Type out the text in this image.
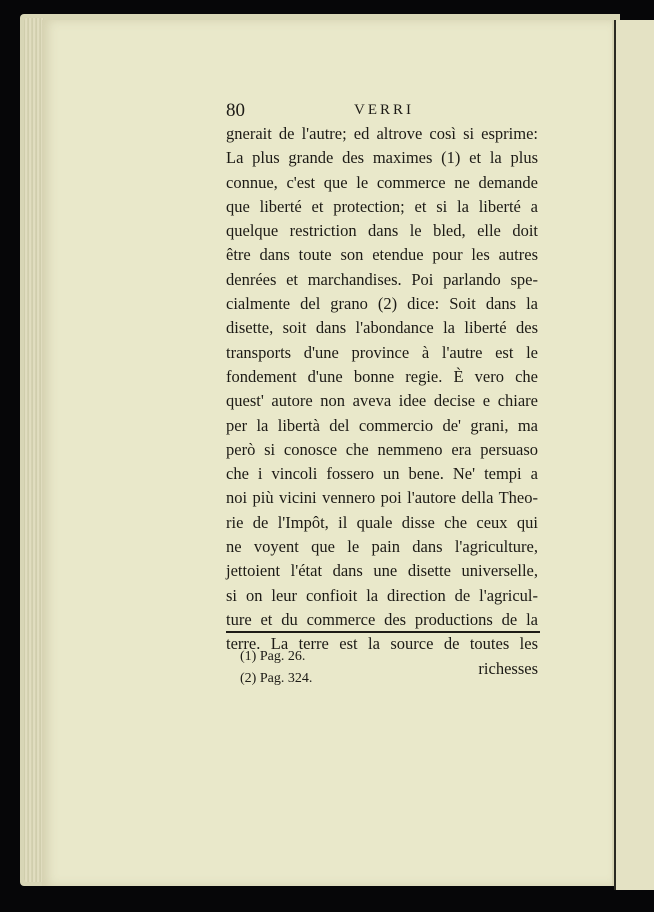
80	VERRI
gnerait de l'autre; ed altrove così si esprime:
La plus grande des maximes (1) et la plus
connue, c'est que le commerce ne demande
que liberté et protection; et si la liberté a
quelque restriction dans le bled, elle doit
être dans toute son etendue pour les autres
denrées et marchandises. Poi parlando spe-
cialmente del grano (2) dice: Soit dans la
disette, soit dans l'abondance la liberté des
transports d'une province à l'autre est le
fondement d'une bonne regie. È vero che
quest' autore non aveva idee decise e chiare
per la libertà del commercio de' grani, ma
però si conosce che nemmeno era persuaso
che i vincoli fossero un bene. Ne' tempi a
noi più vicini vennero poi l'autore della Theo-
rie de l'Impôt, il quale disse che ceux qui
ne voyent que le pain dans l'agriculture,
jettoient l'état dans une disette universelle,
si on leur confioit la direction de l'agricul-
ture et du commerce des productions de la
terre. La terre est la source de toutes les
richesses
(1) Pag. 26.
(2) Pag. 324.
